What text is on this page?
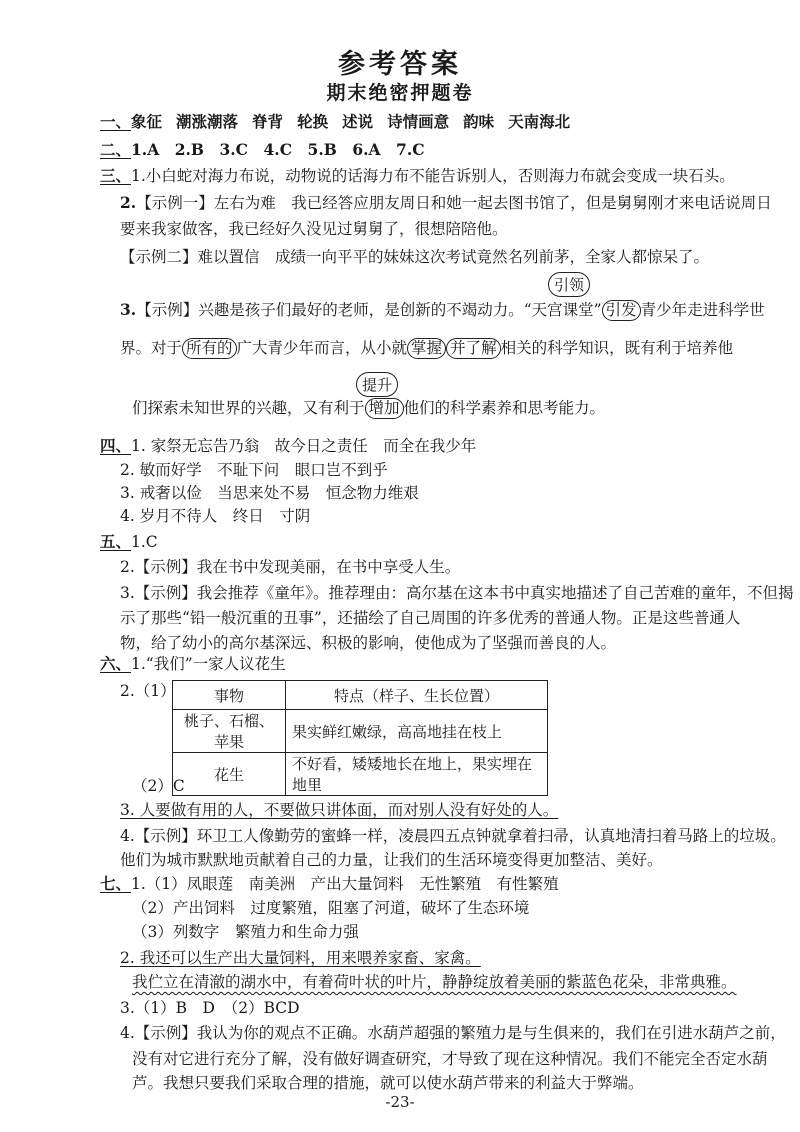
参考答案
期末绝密押题卷
一、象征 潮涨潮落 脊背 轮换 述说 诗情画意 韵味 天南海北
二、1.A　2.B　3.C　4.C　5.B　6.A　7.C
三、1.小白蛇对海力布说，动物说的话海力布不能告诉别人，否则海力布就会变成一块石头。
2.【示例一】左右为难　我已经答应朋友周日和她一起去图书馆了，但是舅舅刚才来电话说周日
要来我家做客，我已经好久没见过舅舅了，很想陪陪他。
【示例二】难以置信　成绩一向平平的妹妹这次考试竟然名列前茅，全家人都惊呆了。
引领
3.【示例】兴趣是孩子们最好的老师，是创新的不竭动力。“天宫课堂” 引发 青少年走进科学世
界。对于 所有的 广大青少年而言，从小就 掌握 并了解 相关的科学知识，既有利于培养他
提升
们探索未知世界的兴趣，又有利于 增加 他们的科学素养和思考能力。
四、1. 家祭无忘告乃翁　故今日之责任　而全在我少年
2. 敏而好学　不耻下问　眼口岂不到乎
3. 戒奢以俭　当思来处不易　恒念物力维艰
4. 岁月不待人　终日　寸阴
五、1.C
2.【示例】我在书中发现美丽，在书中享受人生。
3.【示例】我会推荐《童年》。推荐理由：高尔基在这本书中真实地描述了自己苦难的童年，不但揭
示了那些“铅一般沉重的丑事”，还描绘了自己周围的许多优秀的普通人物。正是这些普通人
物，给了幼小的高尔基深远、积极的影响，使他成为了坚强而善良的人。
六、1.“我们”一家人议花生
2.（1）	事物	特点（样子、生长位置）
桃子、石榴、苹果	果实鲜红嫩绿，高高地挂在枝上
花生	不好看，矮矮地长在地上，果实埋在地里
（2）C
3. 人要做有用的人，不要做只讲体面，而对别人没有好处的人。
4.【示例】环卫工人像勤劳的蜜蜂一样，凌晨四五点钟就拿着扫帚，认真地清扫着马路上的垃圾。
他们为城市默默地贡献着自己的力量，让我们的生活环境变得更加整洁、美好。
七、1.（1）凤眼莲　南美洲　产出大量饲料　无性繁殖　有性繁殖
（2）产出饲料　过度繁殖，阻塞了河道，破坏了生态环境
（3）列数字　繁殖力和生命力强
2. 我还可以生产出大量饲料，用来喂养家畜、家禽。
我伫立在清澈的湖水中，有着荷叶状的叶片，静静绽放着美丽的紫蓝色花朵，非常典雅。
3.（1）B　D　（2）BCD
4.【示例】我认为你的观点不正确。水葫芦超强的繁殖力是与生俱来的，我们在引进水葫芦之前，
没有对它进行充分了解，没有做好调查研究，才导致了现在这种情况。我们不能完全否定水葫
芦。我想只要我们采取合理的措施，就可以使水葫芦带来的利益大于弊端。
-23-
